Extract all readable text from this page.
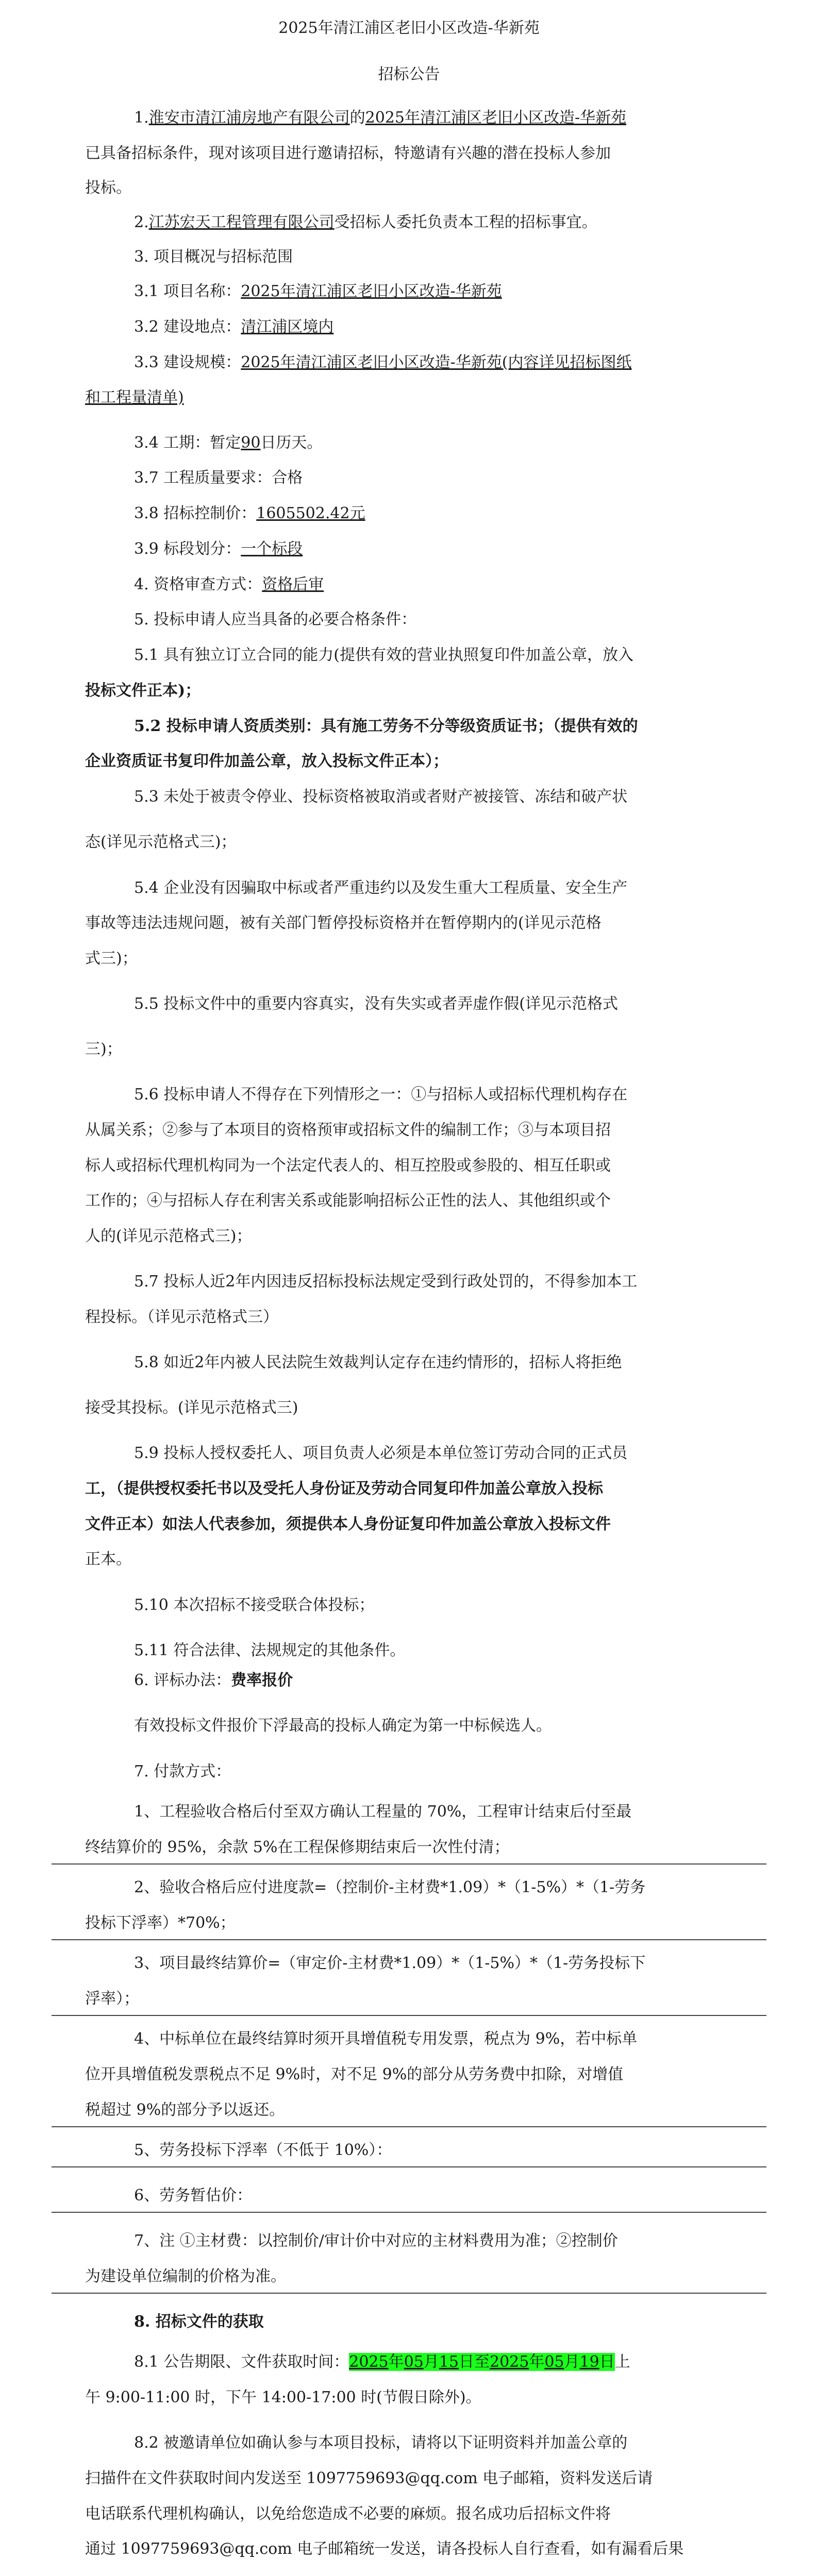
2025年清江浦区老旧小区改造-华新苑
招标公告
1.淮安市清江浦房地产有限公司的2025年清江浦区老旧小区改造-华新苑
已具备招标条件，现对该项目进行邀请招标，特邀请有兴趣的潜在投标人参加
投标。
2.江苏宏天工程管理有限公司受招标人委托负责本工程的招标事宜。
3. 项目概况与招标范围
3.1 项目名称：2025年清江浦区老旧小区改造-华新苑
3.2 建设地点：清江浦区境内
3.3 建设规模：2025年清江浦区老旧小区改造-华新苑(内容详见招标图纸
和工程量清单)
3.4 工期：暂定90日历天。
3.7 工程质量要求：合格
3.8 招标控制价：1605502.42元
3.9 标段划分：一个标段
4. 资格审查方式：资格后审
5. 投标申请人应当具备的必要合格条件：
5.1 具有独立订立合同的能力(提供有效的营业执照复印件加盖公章，放入
投标文件正本)；
5.2 投标申请人资质类别：具有施工劳务不分等级资质证书；（提供有效的
企业资质证书复印件加盖公章，放入投标文件正本）；
5.3 未处于被责令停业、投标资格被取消或者财产被接管、冻结和破产状
态(详见示范格式三)；
5.4 企业没有因骗取中标或者严重违约以及发生重大工程质量、安全生产
事故等违法违规问题，被有关部门暂停投标资格并在暂停期内的(详见示范格
式三)；
5.5 投标文件中的重要内容真实，没有失实或者弄虚作假(详见示范格式
三)；
5.6 投标申请人不得存在下列情形之一：①与招标人或招标代理机构存在
从属关系；②参与了本项目的资格预审或招标文件的编制工作；③与本项目招
标人或招标代理机构同为一个法定代表人的、相互控股或参股的、相互任职或
工作的；④与招标人存在利害关系或能影响招标公正性的法人、其他组织或个
人的(详见示范格式三)；
5.7 投标人近2年内因违反招标投标法规定受到行政处罚的，不得参加本工
程投标。（详见示范格式三）
5.8 如近2年内被人民法院生效裁判认定存在违约情形的，招标人将拒绝
接受其投标。(详见示范格式三)
5.9 投标人授权委托人、项目负责人必须是本单位签订劳动合同的正式员
工，（提供授权委托书以及受托人身份证及劳动合同复印件加盖公章放入投标
文件正本）如法人代表参加，须提供本人身份证复印件加盖公章放入投标文件
正本。
5.10 本次招标不接受联合体投标；
5.11 符合法律、法规规定的其他条件。
6. 评标办法：费率报价
有效投标文件报价下浮最高的投标人确定为第一中标候选人。
7. 付款方式：
1、工程验收合格后付至双方确认工程量的 70%，工程审计结束后付至最
终结算价的 95%，余款 5%在工程保修期结束后一次性付清；
2、验收合格后应付进度款=（控制价-主材费*1.09）*（1-5%）*（1-劳务
投标下浮率）*70%；
3、项目最终结算价=（审定价-主材费*1.09）*（1-5%）*（1-劳务投标下
浮率）；
4、中标单位在最终结算时须开具增值税专用发票，税点为 9%，若中标单
位开具增值税发票税点不足 9%时，对不足 9%的部分从劳务费中扣除，对增值
税超过 9%的部分予以返还。
5、劳务投标下浮率（不低于 10%）：
6、劳务暂估价：
7、注 ①主材费：以控制价/审计价中对应的主材料费用为准；②控制价
为建设单位编制的价格为准。
8. 招标文件的获取
8.1 公告期限、文件获取时间：2025年05月15日至2025年05月19日上
午 9:00-11:00 时，下午 14:00-17:00 时(节假日除外)。
8.2 被邀请单位如确认参与本项目投标，请将以下证明资料并加盖公章的
扫描件在文件获取时间内发送至 1097759693@qq.com 电子邮箱，资料发送后请
电话联系代理机构确认，以免给您造成不必要的麻烦。报名成功后招标文件将
通过 1097759693@qq.com 电子邮箱统一发送，请各投标人自行查看，如有漏看后果
